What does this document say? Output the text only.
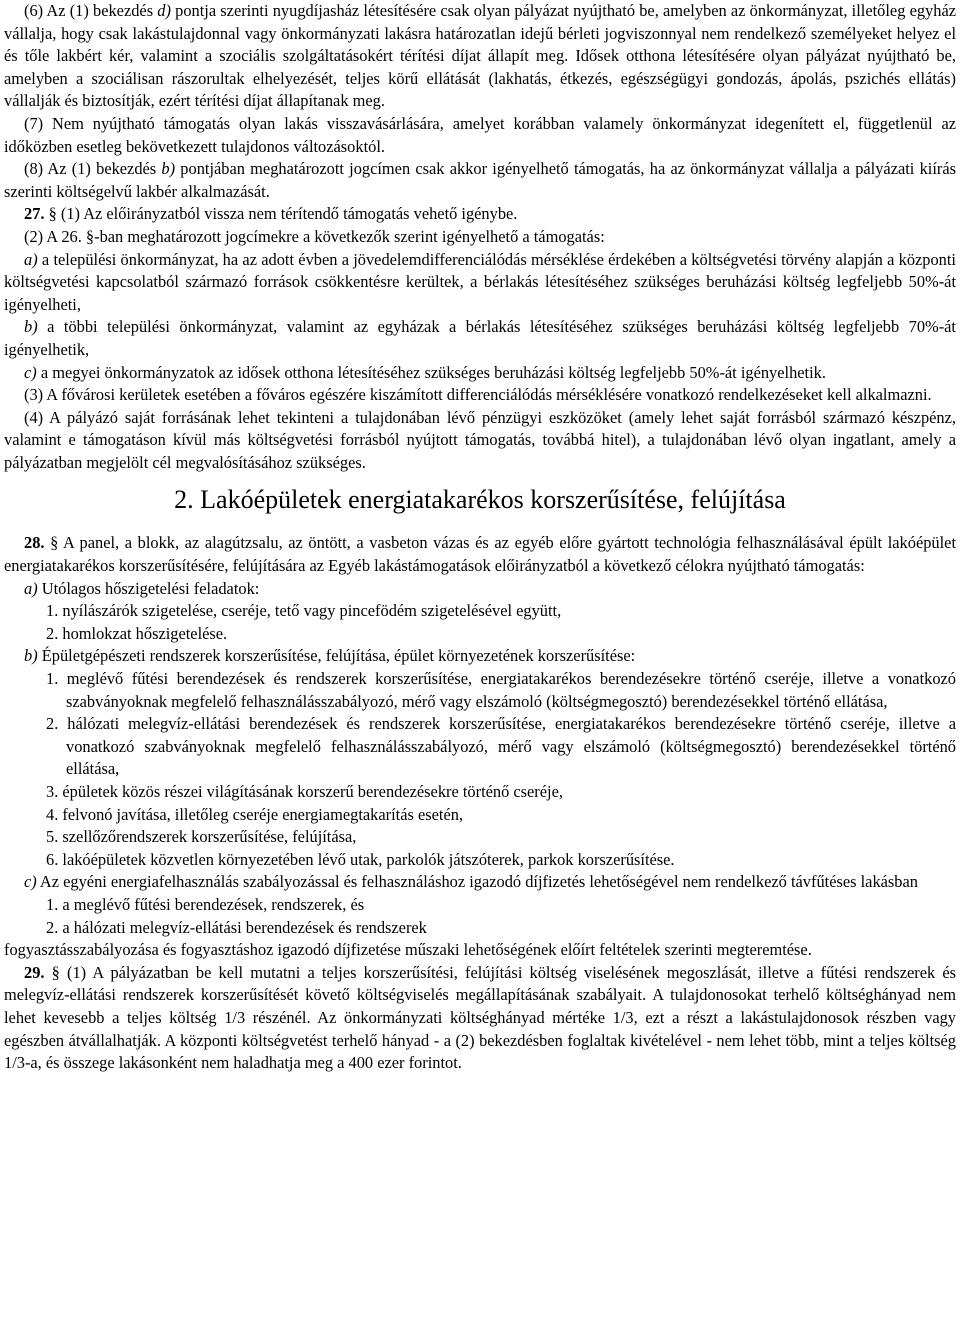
(6) Az (1) bekezdés d) pontja szerinti nyugdíjasház létesítésére csak olyan pályázat nyújtható be, amelyben az önkormányzat, illetőleg egyház vállalja, hogy csak lakástulajdonnal vagy önkormányzati lakásra határozatlan idejű bérleti jogviszonnyal nem rendelkező személyeket helyez el és tőle lakbért kér, valamint a szociális szolgáltatásokért térítési díjat állapít meg. Idősek otthona létesítésére olyan pályázat nyújtható be, amelyben a szociálisan rászorultak elhelyezését, teljes körű ellátását (lakhatás, étkezés, egészségügyi gondozás, ápolás, pszichés ellátás) vállalják és biztosítják, ezért térítési díjat állapítanak meg.

(7) Nem nyújtható támogatás olyan lakás visszavásárlására, amelyet korábban valamely önkormányzat idegenített el, függetlenül az időközben esetleg bekövetkezett tulajdonos változásoktól.

(8) Az (1) bekezdés b) pontjában meghatározott jogcímen csak akkor igényelhető támogatás, ha az önkormányzat vállalja a pályázati kiírás szerinti költségelvű lakbér alkalmazását.

27. § (1) Az előirányzatból vissza nem térítendő támogatás vehető igénybe.

(2) A 26. §-ban meghatározott jogcímekre a következők szerint igényelhető a támogatás:

a) a települési önkormányzat, ha az adott évben a jövedelemdifferenciálódás mérséklése érdekében a költségvetési törvény alapján a központi költségvetési kapcsolatból származó források csökkentésre kerültek, a bérlakás létesítéséhez szükséges beruházási költség legfeljebb 50%-át igényelheti,

b) a többi települési önkormányzat, valamint az egyházak a bérlakás létesítéséhez szükséges beruházási költség legfeljebb 70%-át igényelhetik,

c) a megyei önkormányzatok az idősek otthona létesítéséhez szükséges beruházási költség legfeljebb 50%-át igényelhetik.

(3) A fővárosi kerületek esetében a főváros egészére kiszámított differenciálódás mérséklésére vonatkozó rendelkezéseket kell alkalmazni.

(4) A pályázó saját forrásának lehet tekinteni a tulajdonában lévő pénzügyi eszközöket (amely lehet saját forrásból származó készpénz, valamint e támogatáson kívül más költségvetési forrásból nyújtott támogatás, továbbá hitel), a tulajdonában lévő olyan ingatlant, amely a pályázatban megjelölt cél megvalósításához szükséges.

2. Lakóépületek energiatakarékos korszerűsítése, felújítása

28. § A panel, a blokk, az alagútzsalu, az öntött, a vasbeton vázas és az egyéb előre gyártott technológia felhasználásával épült lakóépület energiatakarékos korszerűsítésére, felújítására az Egyéb lakástámogatások előirányzatból a következő célokra nyújtható támogatás:

a) Utólagos hőszigetelési feladatok:

1. nyílászárók szigetelése, cseréje, tető vagy pincefödém szigetelésével együtt,

2. homlokzat hőszigetelése.

b) Épületgépészeti rendszerek korszerűsítése, felújítása, épület környezetének korszerűsítése:

1. meglévő fűtési berendezések és rendszerek korszerűsítése, energiatakarékos berendezésekre történő cseréje, illetve a vonatkozó szabványoknak megfelelő felhasználásszabályozó, mérő vagy elszámoló (költségmegosztó) berendezésekkel történő ellátása,

2. hálózati melegvíz-ellátási berendezések és rendszerek korszerűsítése, energiatakarékos berendezésekre történő cseréje, illetve a vonatkozó szabványoknak megfelelő felhasználásszabályozó, mérő vagy elszámoló (költségmegosztó) berendezésekkel történő ellátása,

3. épületek közös részei világításának korszerű berendezésekre történő cseréje,

4. felvonó javítása, illetőleg cseréje energiamegtakarítás esetén,

5. szellőzőrendszerek korszerűsítése, felújítása,

6. lakóépületek közvetlen környezetében lévő utak, parkolók játszóterek, parkok korszerűsítése.

c) Az egyéni energiafelhasználás szabályozással és felhasználáshoz igazodó díjfizetés lehetőségével nem rendelkező távfűtéses lakásban

1. a meglévő fűtési berendezések, rendszerek, és

2. a hálózati melegvíz-ellátási berendezések és rendszerek

fogyasztásszabályozása és fogyasztáshoz igazodó díjfizetése műszaki lehetőségének előírt feltételek szerinti megteremtése.

29. § (1) A pályázatban be kell mutatni a teljes korszerűsítési, felújítási költség viselésének megoszlását, illetve a fűtési rendszerek és melegvíz-ellátási rendszerek korszerűsítését követő költségviselés megállapításának szabályait. A tulajdonosokat terhelő költséghányad nem lehet kevesebb a teljes költség 1/3 részénél. Az önkormányzati költséghányad mértéke 1/3, ezt a részt a lakástulajdonosok részben vagy egészben átvállalhatják. A központi költségvetést terhelő hányad - a (2) bekezdésben foglaltak kivételével - nem lehet több, mint a teljes költség 1/3-a, és összege lakásonként nem haladhatja meg a 400 ezer forintot.
